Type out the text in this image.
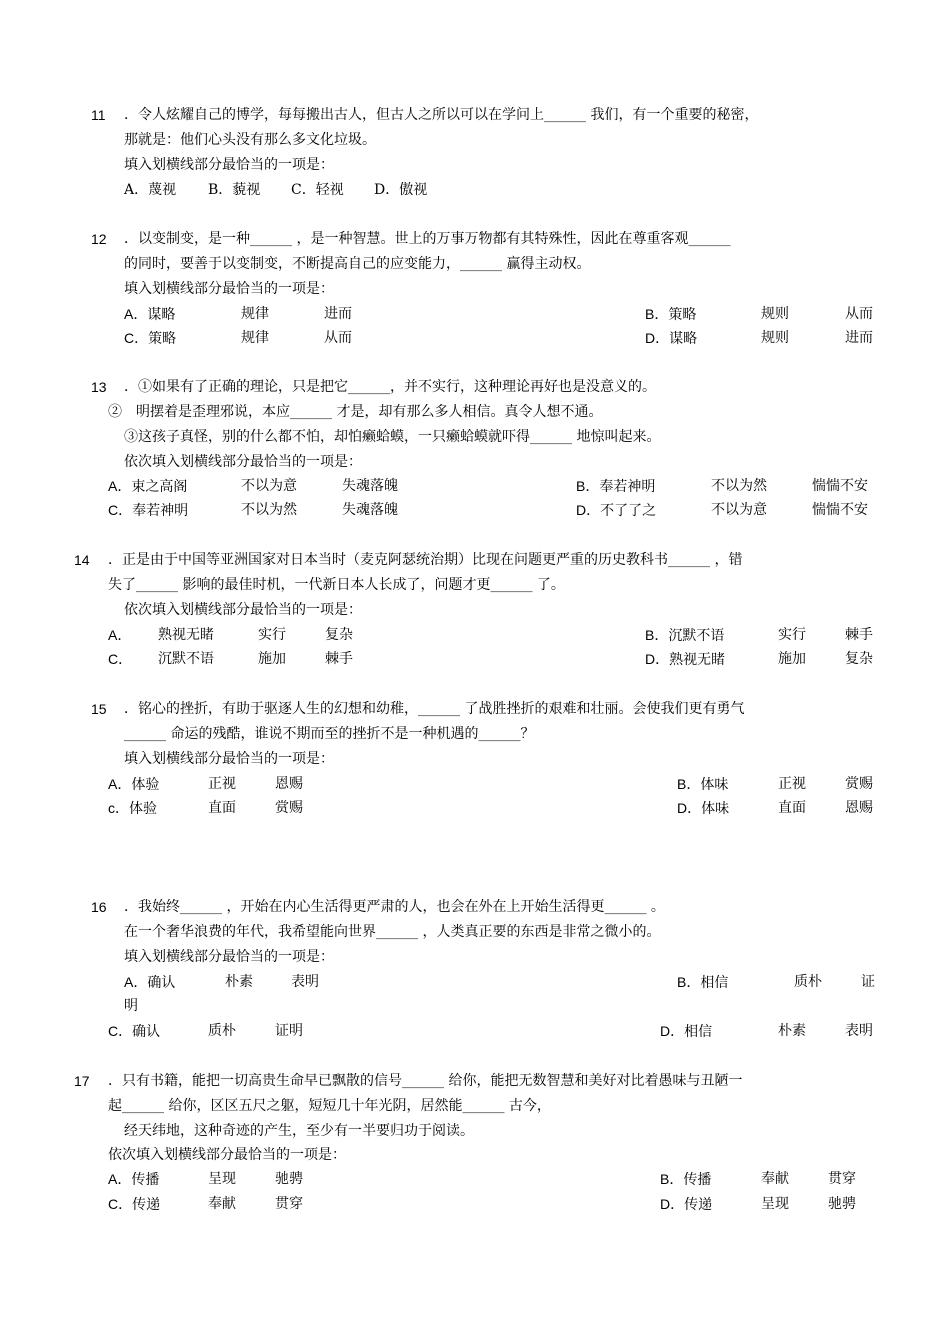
11 ．令人炫耀自己的博学，每每搬出古人，但古人之所以可以在学问上______ 我们，有一个重要的秘密，
那就是：他们心头没有那么多文化垃圾。
填入划横线部分最恰当的一项是：
A．蔑视 B．藐视 C．轻视 D．傲视
12 ．以变制变，是一种______ ，是一种智慧。世上的万事万物都有其特殊性，因此在尊重客观______
的同时，要善于以变制变，不断提高自己的应变能力，______ 赢得主动权。
填入划横线部分最恰当的一项是：
A．谋略	规律	进而	B．策略	规则	从而
C．策略	规律	从而	D．谋略	规则	进而
13 ．①如果有了正确的理论，只是把它______，并不实行，这种理论再好也是没意义的。
②　明摆着是歪理邪说，本应______ 才是，却有那么多人相信。真令人想不通。
③这孩子真怪，别的什么都不怕，却怕癞蛤蟆，一只癞蛤蟆就吓得______ 地惊叫起来。
依次填入划横线部分最恰当的一项是：
A．束之高阁	不以为意	失魂落魄	B．奉若神明	不以为然	惴惴不安
C．奉若神明	不以为然	失魂落魄	D．不了了之	不以为意	惴惴不安
14 ．正是由于中国等亚洲国家对日本当时（麦克阿瑟统治期）比现在问题更严重的历史教科书______ ，错
失了______ 影响的最佳时机，一代新日本人长成了，问题才更______ 了。
依次填入划横线部分最恰当的一项是：
A． 熟视无睹	实行	复杂	B．沉默不语	实行	棘手
C． 沉默不语	施加	棘手	D．熟视无睹	施加	复杂
15 ．铭心的挫折，有助于驱逐人生的幻想和幼稚，______ 了战胜挫折的艰难和壮丽。会使我们更有勇气
______ 命运的残酷，谁说不期而至的挫折不是一种机遇的______？
填入划横线部分最恰当的一项是：
A．体验	正视	恩赐	B．体味	正视	赏赐
c．体验	直面	赏赐	D．体味	直面	恩赐
16 ．我始终______ ，开始在内心生活得更严肃的人，也会在外在上开始生活得更______ 。
在一个奢华浪费的年代，我希望能向世界______ ，人类真正要的东西是非常之微小的。
填入划横线部分最恰当的一项是：
A．确认	朴素	表明	B．相信	质朴	证
明
C．确认	质朴	证明	D．相信	朴素	表明
17 ．只有书籍，能把一切高贵生命早已飘散的信号______ 给你，能把无数智慧和美好对比着愚味与丑陋一
起______ 给你，区区五尺之躯，短短几十年光阴，居然能______ 古今，
经天纬地，这种奇迹的产生，至少有一半要归功于阅读。
依次填入划横线部分最恰当的一项是：
A．传播	呈现	驰骋	B．传播	奉献	贯穿
C．传递	奉献	贯穿	D．传递	呈现	驰骋
